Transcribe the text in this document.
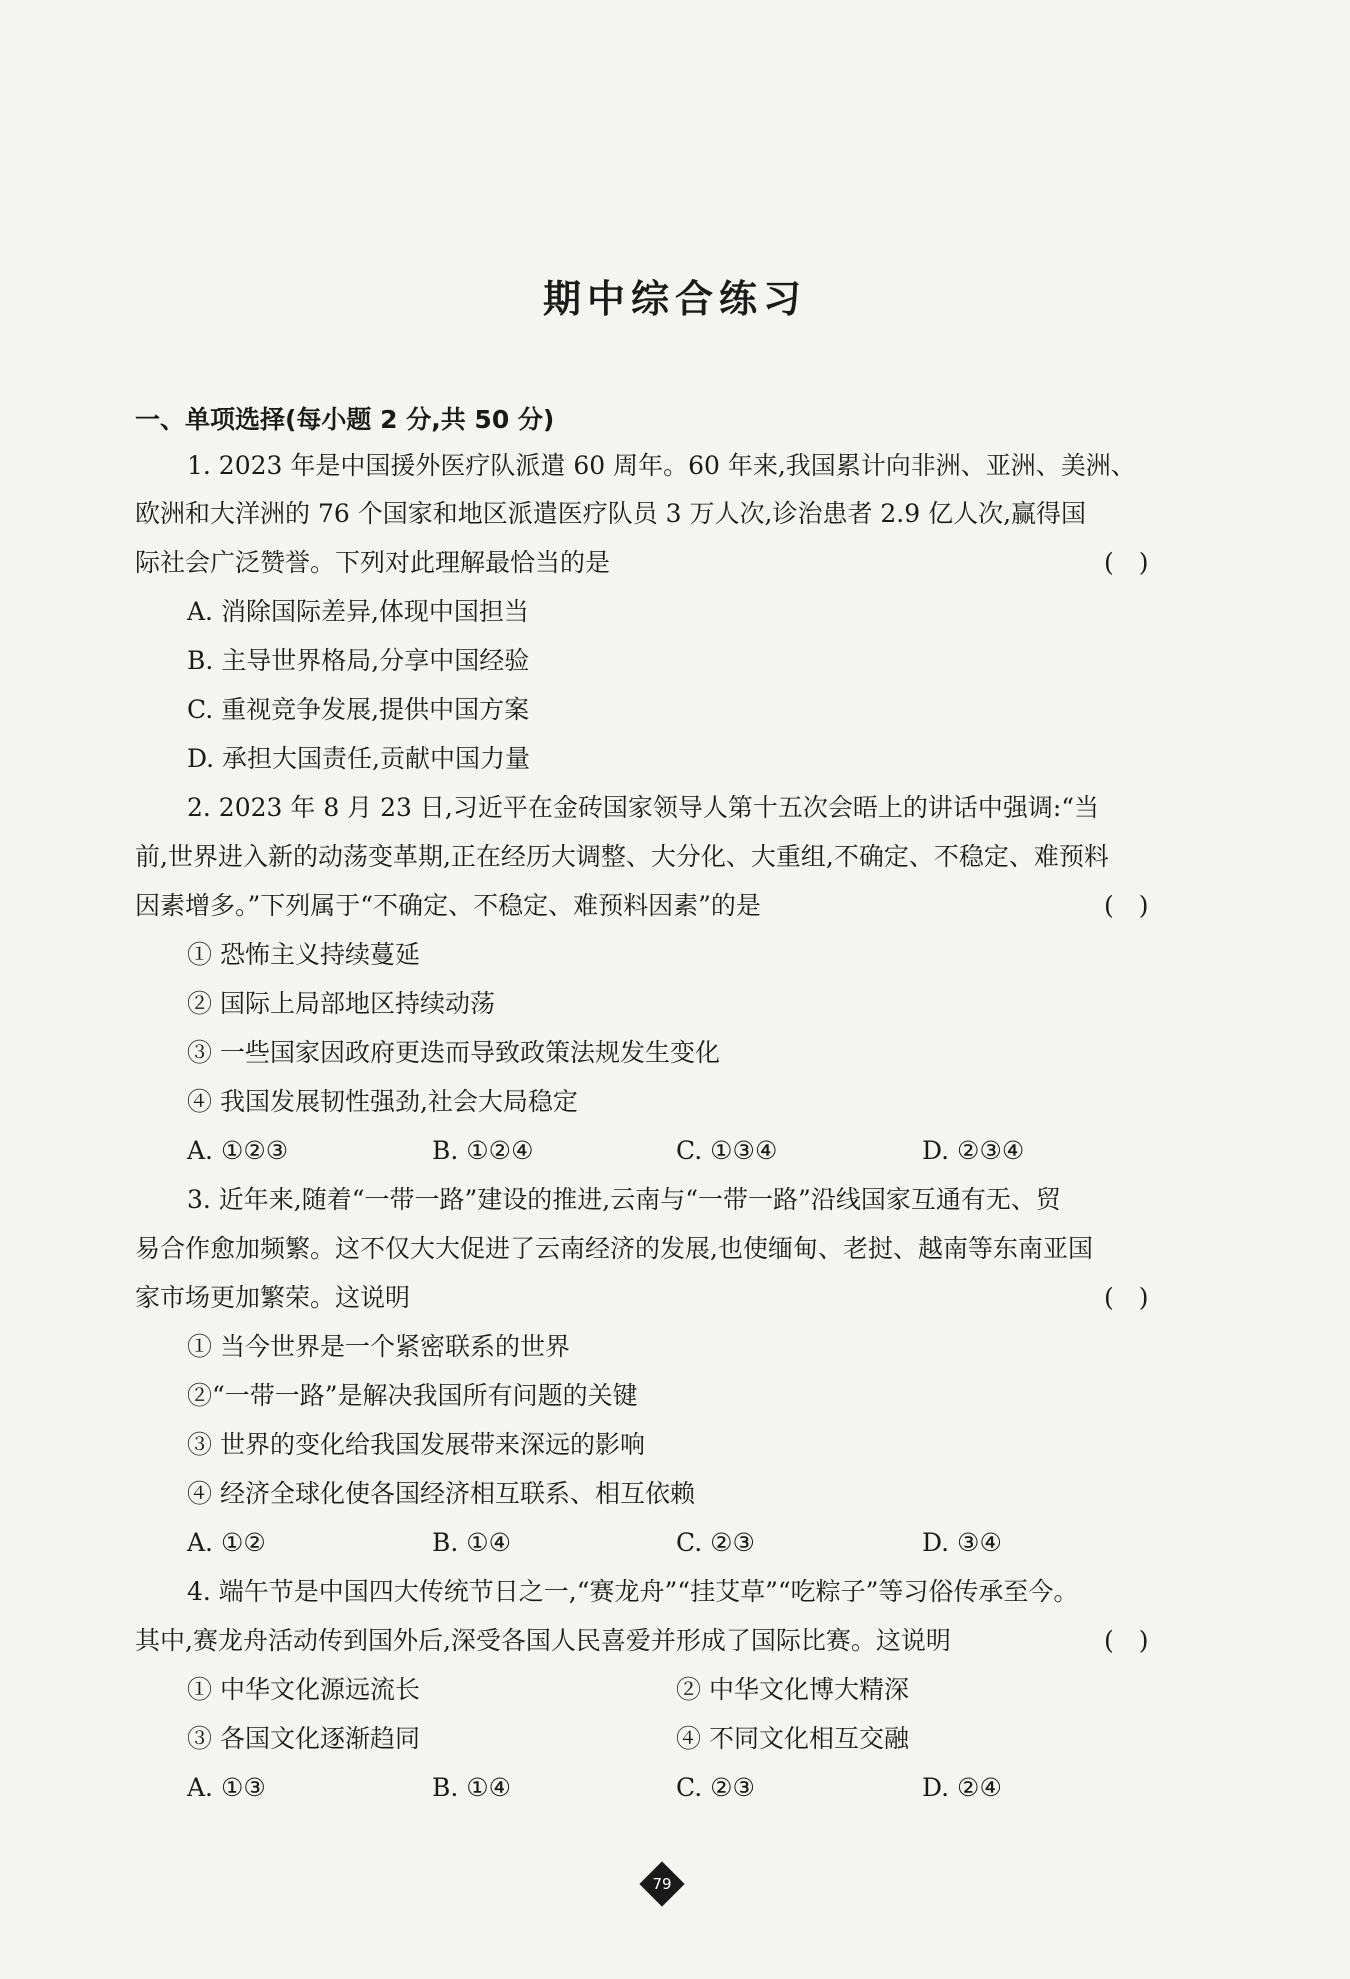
期中综合练习
一、单项选择(每小题 2 分,共 50 分)
1. 2023 年是中国援外医疗队派遣 60 周年。60 年来,我国累计向非洲、亚洲、美洲、
欧洲和大洋洲的 76 个国家和地区派遣医疗队员 3 万人次,诊治患者 2.9 亿人次,赢得国
际社会广泛赞誉。下列对此理解最恰当的是	(　)
A. 消除国际差异,体现中国担当
B. 主导世界格局,分享中国经验
C. 重视竞争发展,提供中国方案
D. 承担大国责任,贡献中国力量
2. 2023 年 8 月 23 日,习近平在金砖国家领导人第十五次会晤上的讲话中强调:“当
前,世界进入新的动荡变革期,正在经历大调整、大分化、大重组,不确定、不稳定、难预料
因素增多。”下列属于“不确定、不稳定、难预料因素”的是	(　)
① 恐怖主义持续蔓延
② 国际上局部地区持续动荡
③ 一些国家因政府更迭而导致政策法规发生变化
④ 我国发展韧性强劲,社会大局稳定
A. ①②③	B. ①②④	C. ①③④	D. ②③④
3. 近年来,随着“一带一路”建设的推进,云南与“一带一路”沿线国家互通有无、贸
易合作愈加频繁。这不仅大大促进了云南经济的发展,也使缅甸、老挝、越南等东南亚国
家市场更加繁荣。这说明	(　)
① 当今世界是一个紧密联系的世界
②“一带一路”是解决我国所有问题的关键
③ 世界的变化给我国发展带来深远的影响
④ 经济全球化使各国经济相互联系、相互依赖
A. ①②	B. ①④	C. ②③	D. ③④
4. 端午节是中国四大传统节日之一,“赛龙舟”“挂艾草”“吃粽子”等习俗传承至今。
其中,赛龙舟活动传到国外后,深受各国人民喜爱并形成了国际比赛。这说明	(　)
① 中华文化源远流长	② 中华文化博大精深
③ 各国文化逐渐趋同	④ 不同文化相互交融
A. ①③	B. ①④	C. ②③	D. ②④
79
